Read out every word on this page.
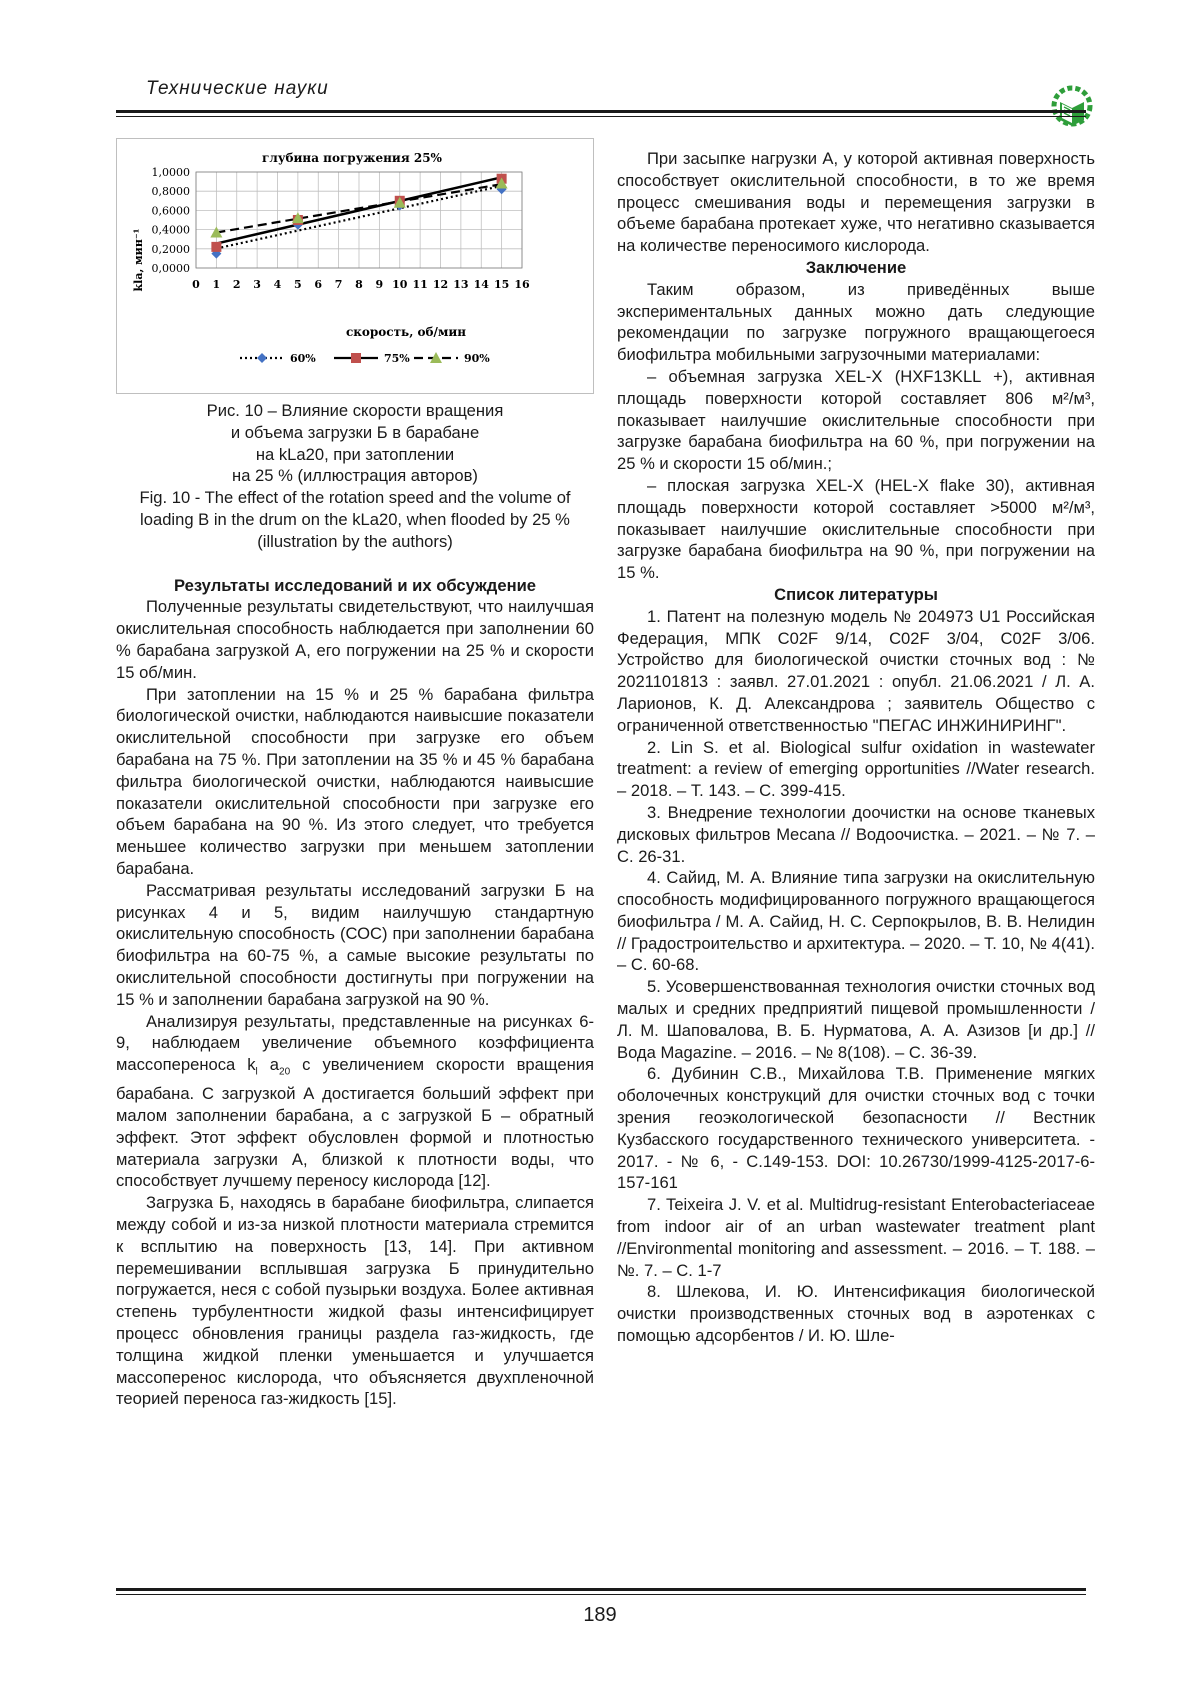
Технические науки
глубина погружения 25%
0,0000
0,2000
0,4000
0,6000
0,8000
1,0000
0 1 2 3 4 5 6 7 8 9 10 11 12 13 14 15 16
kla, мин⁻¹
скорость, об/мин
60%	75%	90%

Рис. 10 – Влияние скорости вращения

и объема загрузки Б в барабане

на kLa20, при затоплении

на 25 % (иллюстрация авторов)

Fig. 10 - The effect of the rotation speed and the volume of loading B in the drum on the kLa20, when flooded by 25 % (illustration by the authors)

Результаты исследований и их обсуждение

Полученные результаты свидетельствуют, что наилучшая окислительная способность наблюдается при заполнении 60 % барабана загрузкой А, его погружении на 25 % и скорости 15 об/мин.

При затоплении на 15 % и 25 % барабана фильтра биологической очистки, наблюдаются наивысшие показатели окислительной способности при загрузке его объем барабана на 75 %. При затоплении на 35 % и 45 % барабана фильтра биологической очистки, наблюдаются наивысшие показатели окислительной способности при загрузке его объем барабана на 90 %. Из этого следует, что требуется меньшее количество загрузки при меньшем затоплении барабана.

Рассматривая результаты исследований загрузки Б на рисунках 4 и 5, видим наилучшую стандартную окислительную способность (СОС) при заполнении барабана биофильтра на 60-75 %, а самые высокие результаты по окислительной способности достигнуты при погружении на 15 % и заполнении барабана загрузкой на 90 %.

Анализируя результаты, представленные на рисунках 6-9, наблюдаем увеличение объемного коэффициента массопереноса $k_l$ $a_{20}$ с увеличением скорости вращения барабана. С загрузкой А достигается больший эффект при малом заполнении барабана, а с загрузкой Б – обратный эффект. Этот эффект обусловлен формой и плотностью материала загрузки А, близкой к плотности воды, что способствует лучшему переносу кислорода [12].

Загрузка Б, находясь в барабане биофильтра, слипается между собой и из-за низкой плотности материала стремится к всплытию на поверхность [13, 14]. При активном перемешивании всплывшая загрузка Б принудительно погружается, неся с собой пузырьки воздуха. Более активная степень турбулентности жидкой фазы интенсифицирует процесс обновления границы раздела газ-жидкость, где толщина жидкой пленки уменьшается и улучшается массоперенос кислорода, что объясняется двухпленочной теорией переноса газ-жидкость [15].

При засыпке нагрузки А, у которой активная поверхность способствует окислительной способности, в то же время процесс смешивания воды и перемещения загрузки в объеме барабана протекает хуже, что негативно сказывается на количестве переносимого кислорода.

Заключение

Таким образом, из приведённых выше экспериментальных данных можно дать следующие рекомендации по загрузке погружного вращающегоеся биофильтра мобильными загрузочными материалами:

– объемная загрузка XEL-X (HXF13KLL +), активная площадь поверхности которой составляет 806 м²/м³, показывает наилучшие окислительные способности при загрузке барабана биофильтра на 60 %, при погружении на 25 % и скорости 15 об/мин.;

– плоская загрузка XEL-X (HEL-X flake 30), активная площадь поверхности которой составляет >5000 м²/м³, показывает наилучшие окислительные способности при загрузке барабана биофильтра на 90 %, при погружении на 15 %.

Список литературы

1. Патент на полезную модель № 204973 U1 Российская Федерация, МПК C02F 9/14, C02F 3/04, C02F 3/06. Устройство для биологической очистки сточных вод : № 2021101813 : заявл. 27.01.2021 : опубл. 21.06.2021 / Л. А. Ларионов, К. Д. Александрова ; заявитель Общество с ограниченной ответственностью "ПЕГАС ИНЖИНИРИНГ".

2. Lin S. et al. Biological sulfur oxidation in wastewater treatment: a review of emerging opportunities //Water research. – 2018. – Т. 143. – С. 399-415.

3. Внедрение технологии доочистки на основе тканевых дисковых фильтров Mecana // Водоочистка. – 2021. – № 7. – С. 26-31.

4. Сайид, М. А. Влияние типа загрузки на окислительную способность модифицированного погружного вращающегося биофильтра / М. А. Сайид, Н. С. Серпокрылов, В. В. Нелидин // Градостроительство и архитектура. – 2020. – Т. 10, № 4(41). – С. 60-68.

5. Усовершенствованная технология очистки сточных вод малых и средних предприятий пищевой промышленности / Л. М. Шаповалова, В. Б. Нурматова, А. А. Азизов [и др.] // Вода Magazine. – 2016. – № 8(108). – С. 36-39.

6. Дубинин С.В., Михайлова Т.В. Применение мягких оболочечных конструкций для очистки сточных вод с точки зрения геоэкологической безопасности // Вестник Кузбасского государственного технического университета. - 2017. - № 6, - С.149-153. DOI: 10.26730/1999-4125-2017-6-157-161

7. Teixeira J. V. et al. Multidrug-resistant Enterobacteriaceae from indoor air of an urban wastewater treatment plant //Environmental monitoring and assessment. – 2016. – Т. 188. – №. 7. – С. 1-7

8. Шлекова, И. Ю. Интенсификация биологической очистки производственных сточных вод в аэротенках с помощью адсорбентов / И. Ю. Шле-

189
